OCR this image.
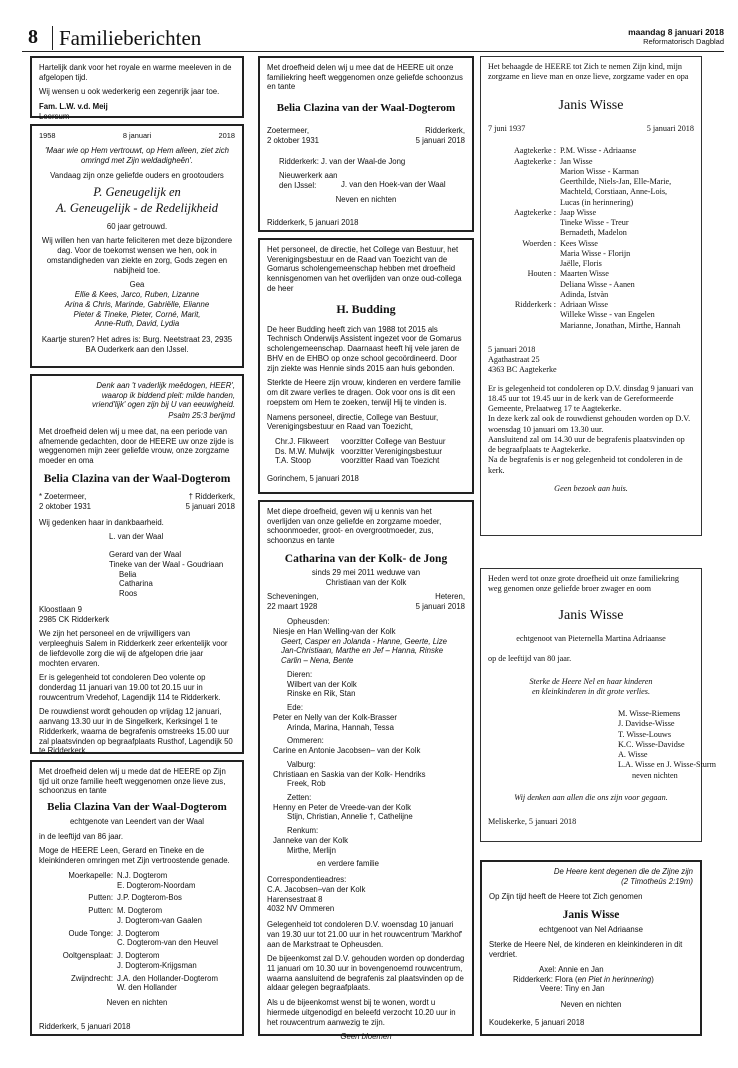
8	Familieberichten	maandag 8 januari 2018
Reformatorisch Dagblad

Hartelijk dank voor het royale en warme meeleven in de afgelopen tijd.

Wij wensen u ook wederkerig een zegenrijk jaar toe.

Fam. L.W. v.d. Meij
Leersum
1958	8 januari	2018

'Maar wie op Hem vertrouwt, op Hem alleen, ziet zich omringd met Zijn weldadigheên'.

Vandaag zijn onze geliefde ouders en grootouders

P. Geneugelijk en
A. Geneugelijk - de Redelijkheid

60 jaar getrouwd.

Wij willen hen van harte feliciteren met deze bijzondere dag. Voor de toekomst wensen we hen, ook in omstandigheden van ziekte en zorg, Gods zegen en nabijheid toe.

Gea
Ellie & Kees, Jarco, Ruben, Lizanne
Arina & Chris, Marinde, Gabriëlle, Elianne
Pieter & Tineke, Pieter, Corné, Marit,
Anne-Ruth, David, Lydia

Kaartje sturen? Het adres is: Burg. Neetstraat 23, 2935 BA Ouderkerk aan den IJssel.

Denk aan 't vaderlijk meêdogen, HEER', waarop ik biddend pleit: milde handen, vriend'lijk' ogen zijn bij U van eeuwigheid.

Psalm 25:3 berijmd

Met droefheid delen wij u mee dat, na een periode van afnemende gedachten, door de HEERE uw onze zijde is weggenomen mijn zeer geliefde vrouw, onze zorgzame moeder en oma

Belia Clazina van der Waal-Dogterom
* Zoetermeer,
2 oktober 1931
† Ridderkerk,
5 januari 2018

Wij gedenken haar in dankbaarheid.

L. van der Waal
Gerard van der Waal
Tineke van der Waal - Goudriaan
Belia
Catharina
Roos
Kloostlaan 9
2985 CK Ridderkerk

We zijn het personeel en de vrijwilligers van verpleeghuis Salem in Ridderkerk zeer erkentelijk voor de liefdevolle zorg die wij de afgelopen drie jaar mochten ervaren.

Er is gelegenheid tot condoleren Deo volente op donderdag 11 januari van 19.00 tot 20.15 uur in rouwcentrum Vredehof, Lagendijk 114 te Ridderkerk.

De rouwdienst wordt gehouden op vrijdag 12 januari, aanvang 13.30 uur in de Singelkerk, Kerksingel 1 te Ridderkerk, waarna de begrafenis omstreeks 15.00 uur zal plaatsvinden op begraafplaats Rusthof, Lagendijk 50 te Ridderkerk.

Met droefheid delen wij u mede dat de HEERE op Zijn tijd uit onze familie heeft weggenomen onze lieve zus, schoonzus en tante

Belia Clazina Van der Waal-Dogterom
echtgenote van Leendert van der Waal

in de leeftijd van 86 jaar.

Moge de HEERE Leen, Gerard en Tineke en de kleinkinderen omringen met Zijn vertroostende genade.

Moerkapelle: N.J. Dogterom
E. Dogterom-Noordam
Putten: J.P. Dogterom-Bos
Putten: M. Dogterom
J. Dogterom-van Gaalen
Oude Tonge: J. Dogterom
C. Dogterom-van den Heuvel
Ooltgensplaat: J. Dogterom
J. Dogterom-Krijgsman
Zwijndrecht: J.A. den Hollander-Dogterom
W. den Hollander
Neven en nichten
Ridderkerk, 5 januari 2018

Met droefheid delen wij u mee dat de HEERE uit onze familiekring heeft weggenomen onze geliefde schoonzus en tante

Belia Clazina van der Waal-Dogterom
Zoetermeer,
2 oktober 1931
Ridderkerk,
5 januari 2018
Ridderkerk: J. van der Waal-de Jong
Nieuwerkerk aan den IJssel:	J. van den Hoek-van der Waal
Neven en nichten
Ridderkerk, 5 januari 2018

Het personeel, de directie, het College van Bestuur, het Verenigingsbestuur en de Raad van Toezicht van de Gomarus scholengemeenschap hebben met droefheid kennisgenomen van het overlijden van onze oud-collega de heer

H. Budding

De heer Budding heeft zich van 1988 tot 2015 als Technisch Onderwijs Assistent ingezet voor de Gomarus scholengemeenschap. Daarnaast heeft hij vele jaren de BHV en de EHBO op onze school gecoördineerd. Door zijn ziekte was Hennie sinds 2015 aan huis gebonden.

Sterkte de Heere zijn vrouw, kinderen en verdere familie om dit zware verlies te dragen. Ook voor ons is dit een roepstem om Hem te zoeken, terwijl Hij te vinden is.

Namens personeel, directie, College van Bestuur, Verenigingsbestuur en Raad van Toezicht,

Chr.J. Flikweert	voorzitter College van Bestuur
Ds. M.W. Mulwijk voorzitter Verenigingsbestuur
T.A. Stoop	voorzitter Raad van Toezicht
Gorinchem, 5 januari 2018

Met diepe droefheid, geven wij u kennis van het overlijden van onze geliefde en zorgzame moeder, schoonmoeder, groot- en overgrootmoeder, zus, schoonzus en tante

Catharina van der Kolk- de Jong
sinds 29 mei 2011 weduwe van
Christiaan van der Kolk
Scheveningen,
22 maart 1928
Heteren,
5 januari 2018
Opheusden:
Niesje en Han Welling-van der Kolk
Geert, Casper en Jolanda - Hanne, Geerte, Lize
Jan-Christiaan, Marthe en Jef – Hanna, Rinske
Carlin – Nena, Bente
Dieren:
Wilbert van der Kolk
Rinske en Rik, Stan
Ede:
Peter en Nelly van der Kolk-Brasser
Arinda, Marina, Hannah, Tessa
Ommeren:
Carine en Antonie Jacobsen– van der Kolk
Valburg:
Christiaan en Saskia van der Kolk- Hendriks
Freek, Rob
Zetten:
Henny en Peter de Vreede-van der Kolk
Stijn, Christian, Annelie †, Cathelijne
Renkum:
Janneke van der Kolk
Mirthe, Merlijn
en verdere familie
Correspondentieadres:
C.A. Jacobsen–van der Kolk
Harensestraat 8
4032 NV Ommeren

Gelegenheid tot condoleren D.V. woensdag 10 januari van 19.30 uur tot 21.00 uur in het rouwcentrum 'Markhof' aan de Markstraat te Opheusden.

De bijeenkomst zal D.V. gehouden worden op donderdag 11 januari om 10.30 uur in bovengenoemd rouwcentrum, waarna aansluitend de begrafenis zal plaatsvinden op de aldaar gelegen begraafplaats.

Als u de bijeenkomst wenst bij te wonen, wordt u hiermede uitgenodigd en beleefd verzocht 10.20 uur in het rouwcentrum aanwezig te zijn.

Geen bloemen

Het behaagde de HEERE tot Zich te nemen Zijn kind, mijn zorgzame en lieve man en onze lieve, zorgzame vader en opa

Janis Wisse
7 juni 1937	5 januari 2018
Aagtekerke : P.M. Wisse - Adriaanse
Aagtekerke : Jan Wisse
Marion Wisse - Karman
Geerthilde, Niels-Jan, Elle-Marie,
Machteld, Corstiaan, Anne-Lois,
Lucas (in herinnering)
Aagtekerke : Jaap Wisse
Tineke Wisse - Treur
Bernadeth, Madelon
Woerden : Kees Wisse
Maria Wisse - Florijn
Jaëlle, Floris
Houten : Maarten Wisse
Deliana Wisse - Aanen
Adinda, Istvàn
Ridderkerk : Adriaan Wisse
Willeke Wisse - van Engelen
Marianne, Jonathan, Mirthe, Hannah
5 januari 2018
Agathastraat 25
4363 BC Aagtekerke
Er is gelegenheid tot condoleren op D.V. dinsdag 9 januari van 18.45 uur tot 19.45 uur in de kerk van de Gereformeerde Gemeente, Prelaatweg 17 te Aagtekerke.
In deze kerk zal ook de rouwdienst gehouden worden op D.V. woensdag 10 januari om 13.30 uur.
Aansluitend zal om 14.30 uur de begrafenis plaatsvinden op de begraafplaats te Aagtekerke.
Na de begrafenis is er nog gelegenheid tot condoleren in de kerk.
Geen bezoek aan huis.

Heden werd tot onze grote droefheid uit onze familiekring weg genomen onze geliefde broer zwager en oom

Janis Wisse
echtgenoot van Pieternella Martina Adriaanse
op de leeftijd van 80 jaar.
Sterke de Heere Nel en haar kinderen
en kleinkinderen in dit grote verlies.
M. Wisse-Riemens
J. Davidse-Wisse
T. Wisse-Louws
K.C. Wisse-Davidse
A. Wisse
L.A. Wisse en J. Wisse-Sturm
neven nichten
Wij denken aan allen die ons zijn voor gegaan.
Meliskerke, 5 januari 2018
De Heere kent degenen die de Zijne zijn
(2 Timotheüs 2:19m)

Op Zijn tijd heeft de Heere tot Zich genomen

Janis Wisse
echtgenoot van Nel Adriaanse

Sterke de Heere Nel, de kinderen en kleinkinderen in dit verdriet.

Axel: Annie en Jan
Ridderkerk: Flora (en Piet in herinnering)
Veere: Tiny en Jan
Neven en nichten
Koudekerke, 5 januari 2018
